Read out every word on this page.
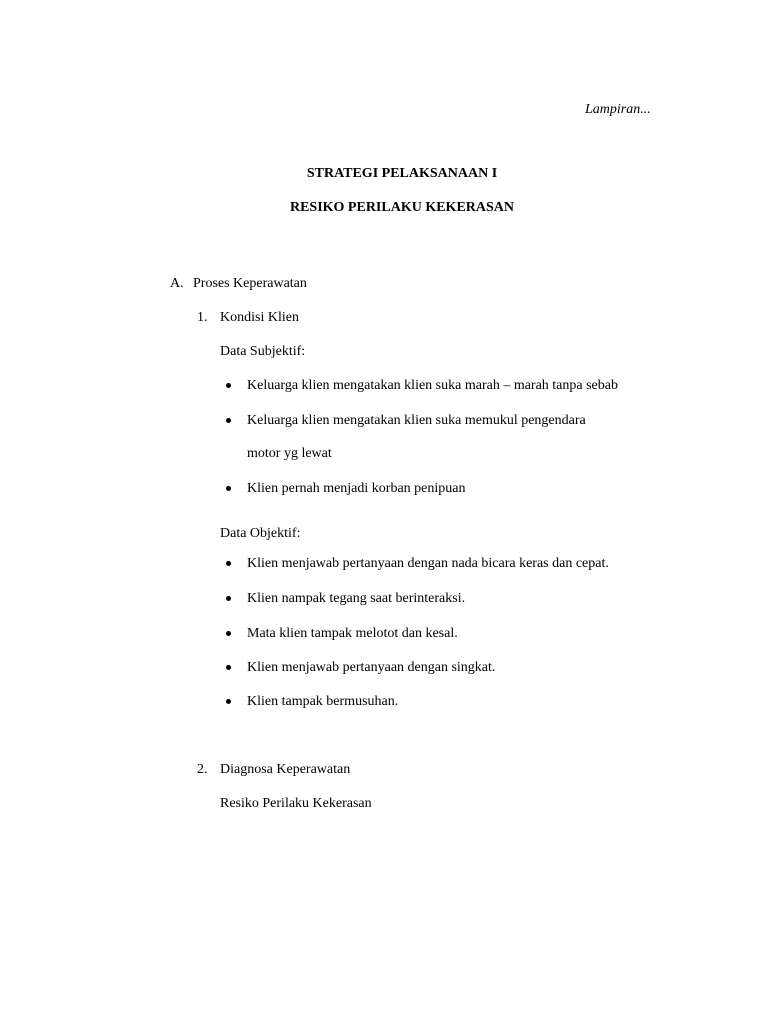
Lampiran...

STRATEGI PELAKSANAAN I

RESIKO PERILAKU KEKERASAN

A. Proses Keperawatan

1. Kondisi Klien

Data Subjektif:

Keluarga klien mengatakan klien suka marah – marah tanpa sebab

Keluarga klien mengatakan klien suka memukul pengendara

motor yg lewat

Klien pernah menjadi korban penipuan

Data Objektif:

Klien menjawab pertanyaan dengan nada bicara keras dan cepat.

Klien nampak tegang saat berinteraksi.

Mata klien tampak melotot dan kesal.

Klien menjawab pertanyaan dengan singkat.

Klien tampak bermusuhan.

2. Diagnosa Keperawatan

Resiko Perilaku Kekerasan
